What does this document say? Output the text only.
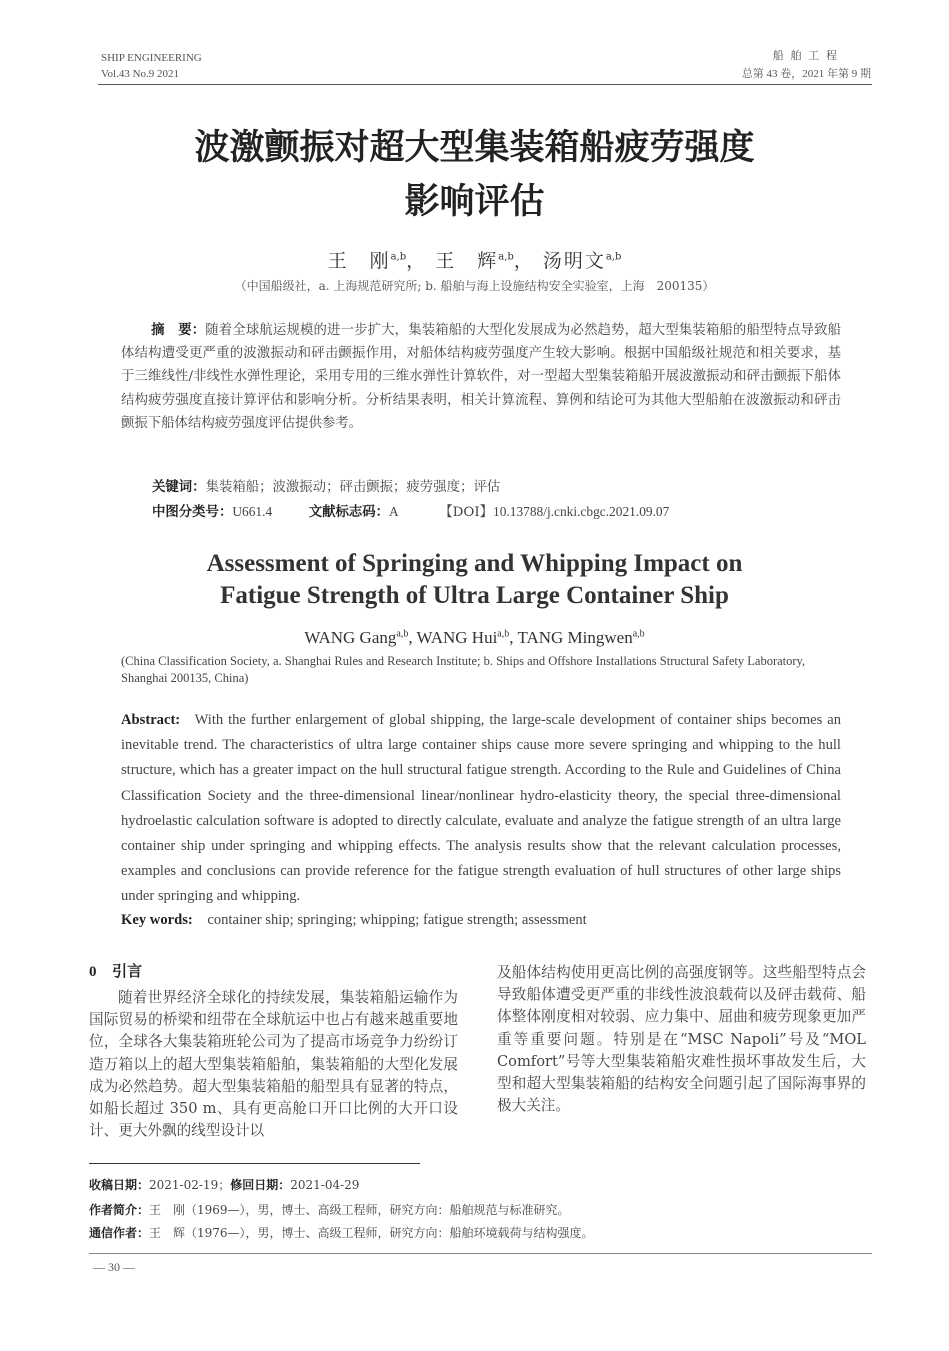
SHIP ENGINEERING
Vol.43 No.9 2021
船 舶 工 程
总第 43 卷，2021 年第 9 期
波激颤振对超大型集装箱船疲劳强度
影响评估
王　刚$^{a,b}$， 王　辉$^{a,b}$， 汤明文$^{a,b}$
（中国船级社，a. 上海规范研究所; b. 船舶与海上设施结构安全实验室，上海　200135）
摘　要：随着全球航运规模的进一步扩大，集装箱船的大型化发展成为必然趋势，超大型集装箱船的船型特点导致船体结构遭受更严重的波激振动和砰击颤振作用，对船体结构疲劳强度产生较大影响。根据中国船级社规范和相关要求，基于三维线性/非线性水弹性理论，采用专用的三维水弹性计算软件，对一型超大型集装箱船开展波激振动和砰击颤振下船体结构疲劳强度直接计算评估和影响分析。分析结果表明，相关计算流程、算例和结论可为其他大型船舶在波激振动和砰击颤振下船体结构疲劳强度评估提供参考。
关键词：集装箱船；波激振动；砰击颤振；疲劳强度；评估
中图分类号：U661.4	文献标志码：A	【DOI】10.13788/j.cnki.cbgc.2021.09.07
Assessment of Springing and Whipping Impact on
Fatigue Strength of Ultra Large Container Ship
WANG Gang$^{a,b}$, WANG Hui$^{a,b}$, TANG Mingwen$^{a,b}$
(China Classification Society, a. Shanghai Rules and Research Institute; b. Ships and Offshore Installations Structural Safety Laboratory, Shanghai 200135, China)
Abstract: With the further enlargement of global shipping, the large-scale development of container ships becomes an inevitable trend. The characteristics of ultra large container ships cause more severe springing and whipping to the hull structure, which has a greater impact on the hull structural fatigue strength. According to the Rule and Guidelines of China Classification Society and the three-dimensional linear/nonlinear hydro-elasticity theory, the special three-dimensional hydroelastic calculation software is adopted to directly calculate, evaluate and analyze the fatigue strength of an ultra large container ship under springing and whipping effects. The analysis results show that the relevant calculation processes, examples and conclusions can provide reference for the fatigue strength evaluation of hull structures of other large ships under springing and whipping.
Key words: container ship; springing; whipping; fatigue strength; assessment
0 引言
随着世界经济全球化的持续发展，集装箱船运输作为国际贸易的桥梁和纽带在全球航运中也占有越来越重要地位，全球各大集装箱班轮公司为了提高市场竞争力纷纷订造万箱以上的超大型集装箱船舶，集装箱船的大型化发展成为必然趋势。超大型集装箱船的船型具有显著的特点，如船长超过 350 m、具有更高舱口开口比例的大开口设计、更大外飘的线型设计以
及船体结构使用更高比例的高强度钢等。这些船型特点会导致船体遭受更严重的非线性波浪载荷以及砰击载荷、船体整体刚度相对较弱、应力集中、屈曲和疲劳现象更加严重等重要问题。特别是在“MSC Napoli”号及“MOL Comfort”号等大型集装箱船灾难性损坏事故发生后，大型和超大型集装箱船的结构安全问题引起了国际海事界的极大关注。
收稿日期：2021-02-19；修回日期：2021-04-29
作者简介：王　刚（1969—），男，博士、高级工程师，研究方向：船舶规范与标准研究。
通信作者：王　辉（1976—），男，博士、高级工程师，研究方向：船舶环境载荷与结构强度。
— 30 —
